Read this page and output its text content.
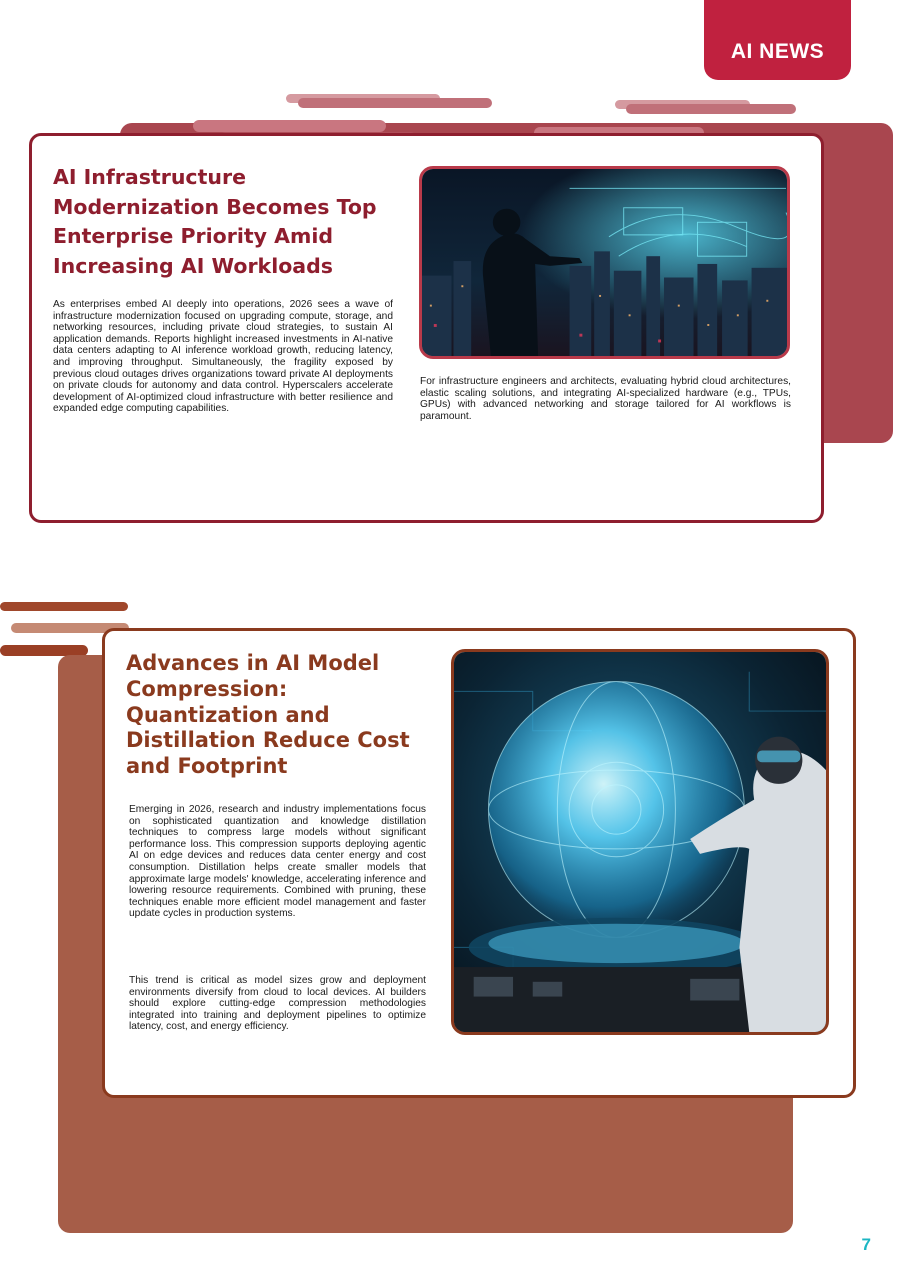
AI NEWS
AI Infrastructure Modernization Becomes Top Enterprise Priority Amid Increasing AI Workloads

As enterprises embed AI deeply into operations, 2026 sees a wave of infrastructure modernization focused on upgrading compute, storage, and networking resources, including private cloud strategies, to sustain AI application demands. Reports highlight increased investments in AI-native data centers adapting to AI inference workload growth, reducing latency, and improving throughput. Simultaneously, the fragility exposed by previous cloud outages drives organizations toward private AI deployments on private clouds for autonomy and data control. Hyperscalers accelerate development of AI-optimized cloud infrastructure with better resilience and expanded edge computing capabilities.

For infrastructure engineers and architects, evaluating hybrid cloud architectures, elastic scaling solutions, and integrating AI-specialized hardware (e.g., TPUs, GPUs) with advanced networking and storage tailored for AI workflows is paramount.

Advances in AI Model Compression: Quantization and Distillation Reduce Cost and Footprint

Emerging in 2026, research and industry implementations focus on sophisticated quantization and knowledge distillation techniques to compress large models without significant performance loss. This compression supports deploying agentic AI on edge devices and reduces data center energy and cost consumption. Distillation helps create smaller models that approximate large models' knowledge, accelerating inference and lowering resource requirements. Combined with pruning, these techniques enable more efficient model management and faster update cycles in production systems.

This trend is critical as model sizes grow and deployment environments diversify from cloud to local devices. AI builders should explore cutting-edge compression methodologies integrated into training and deployment pipelines to optimize latency, cost, and energy efficiency.

7
